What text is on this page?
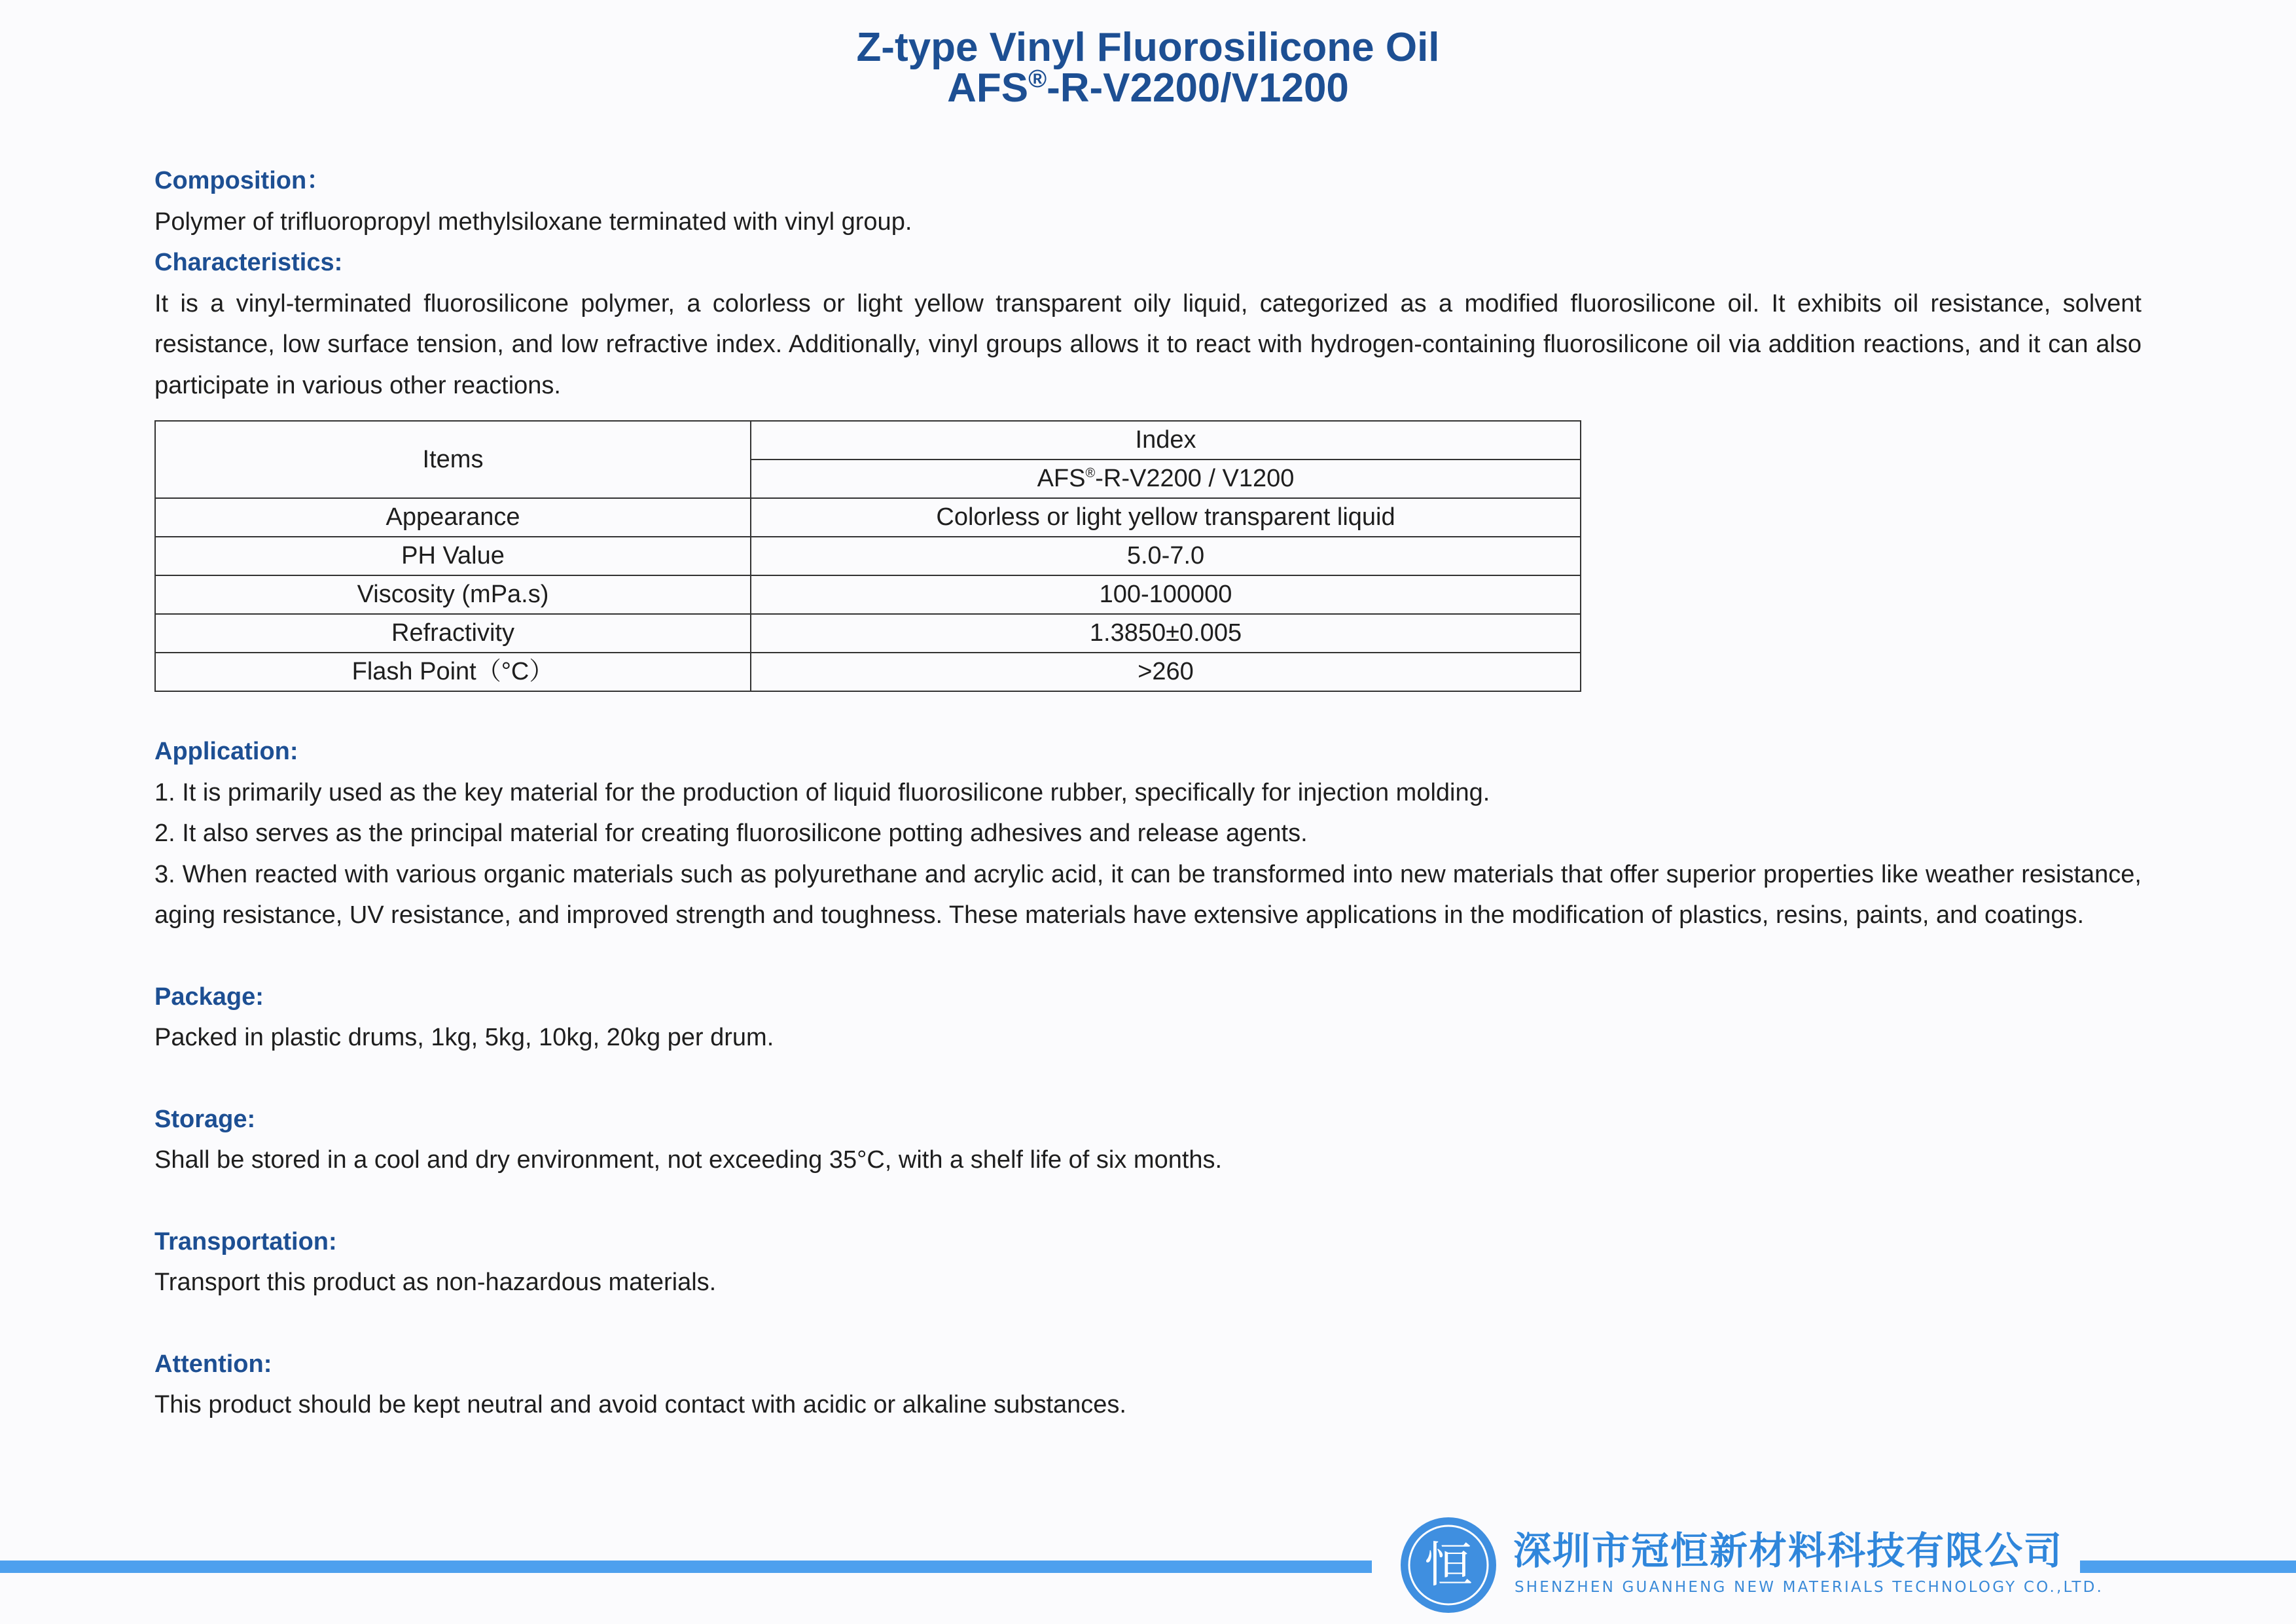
Z-type Vinyl Fluorosilicone Oil
AFS®-R-V2200/V1200
Composition：
Polymer of trifluoropropyl methylsiloxane terminated with vinyl group.
Characteristics:
It is a vinyl-terminated fluorosilicone polymer, a colorless or light yellow transparent oily liquid, categorized as a modified fluorosilicone oil. It exhibits oil resistance, solvent resistance, low surface tension, and low refractive index. Additionally, vinyl groups allows it to react with hydrogen-containing fluorosilicone oil via addition reactions, and it can also participate in various other reactions.
Items	Index
	AFS®-R-V2200 / V1200
Appearance	Colorless or light yellow transparent liquid
PH Value	5.0-7.0
Viscosity (mPa.s)	100-100000
Refractivity	1.3850±0.005
Flash Point（°C）	>260
Application:
1. It is primarily used as the key material for the production of liquid fluorosilicone rubber, specifically for injection molding.
2. It also serves as the principal material for creating fluorosilicone potting adhesives and release agents.
3. When reacted with various organic materials such as polyurethane and acrylic acid, it can be transformed into new materials that offer superior properties like weather resistance, aging resistance, UV resistance, and improved strength and toughness. These materials have extensive applications in the modification of plastics, resins, paints, and coatings.
Package:
Packed in plastic drums, 1kg, 5kg, 10kg, 20kg per drum.
Storage:
Shall be stored in a cool and dry environment, not exceeding 35°C, with a shelf life of six months.
Transportation:
Transport this product as non-hazardous materials.
Attention:
This product should be kept neutral and avoid contact with acidic or alkaline substances.
恒 深圳市冠恒新材料科技有限公司
SHENZHEN GUANHENG NEW MATERIALS TECHNOLOGY CO.,LTD.
